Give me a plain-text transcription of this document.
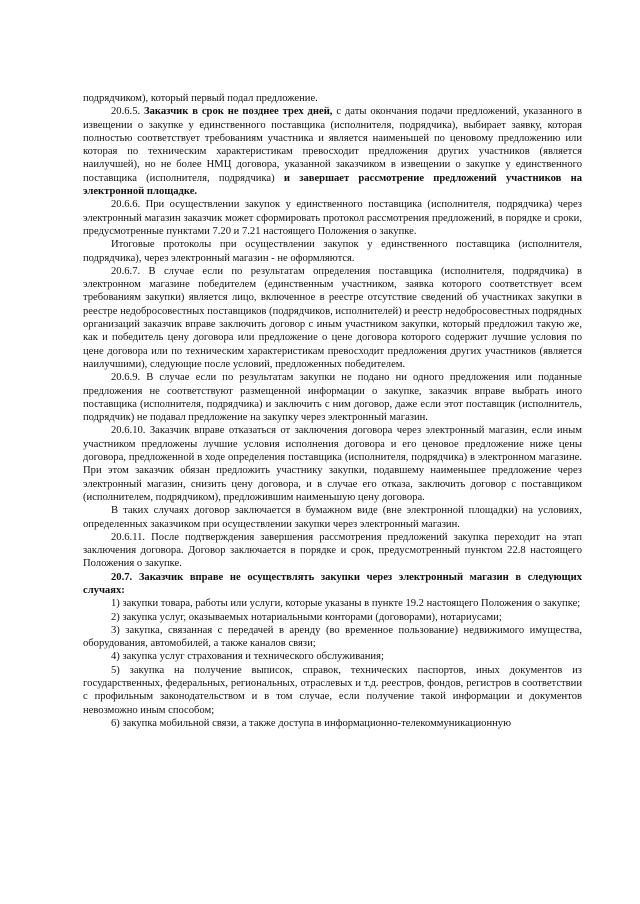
подрядчиком), который первый подал предложение.

20.6.5. Заказчик в срок не позднее трех дней, с даты окончания подачи предложений, указанного в извещении о закупке у единственного поставщика (исполнителя, подрядчика), выбирает заявку, которая полностью соответствует требованиям участника и является наименьшей по ценовому предложению или которая по техническим характеристикам превосходит предложения других участников (является наилучшей), но не более НМЦ договора, указанной заказчиком в извещении о закупке у единственного поставщика (исполнителя, подрядчика) и завершает рассмотрение предложений участников на электронной площадке.

20.6.6. При осуществлении закупок у единственного поставщика (исполнителя, подрядчика) через электронный магазин заказчик может сформировать протокол рассмотрения предложений, в порядке и сроки, предусмотренные пунктами 7.20 и 7.21 настоящего Положения о закупке.

Итоговые протоколы при осуществлении закупок у единственного поставщика (исполнителя, подрядчика), через электронный магазин - не оформляются.

20.6.7. В случае если по результатам определения поставщика (исполнителя, подрядчика) в электронном магазине победителем (единственным участником, заявка которого соответствует всем требованиям закупки) является лицо, включенное в реестре отсутствие сведений об участниках закупки в реестре недобросовестных поставщиков (подрядчиков, исполнителей) и реестр недобросовестных подрядных организаций заказчик вправе заключить договор с иным участником закупки, который предложил такую же, как и победитель цену договора или предложение о цене договора которого содержит лучшие условия по цене договора или по техническим характеристикам превосходит предложения других участников (является наилучшими), следующие после условий, предложенных победителем.

20.6.9. В случае если по результатам закупки не подано ни одного предложения или поданные предложения не соответствуют размещенной информации о закупке, заказчик вправе выбрать иного поставщика (исполнителя, подрядчика) и заключить с ним договор, даже если этот поставщик (исполнитель, подрядчик) не подавал предложение на закупку через электронный магазин.

20.6.10. Заказчик вправе отказаться от заключения договора через электронный магазин, если иным участником предложены лучшие условия исполнения договора и его ценовое предложение ниже цены договора, предложенной в ходе определения поставщика (исполнителя, подрядчика) в электронном магазине. При этом заказчик обязан предложить участнику закупки, подавшему наименьшее предложение через электронный магазин, снизить цену договора, и в случае его отказа, заключить договор с поставщиком (исполнителем, подрядчиком), предложившим наименьшую цену договора.

В таких случаях договор заключается в бумажном виде (вне электронной площадки) на условиях, определенных заказчиком при осуществлении закупки через электронный магазин.

20.6.11. После подтверждения завершения рассмотрения предложений закупка переходит на этап заключения договора. Договор заключается в порядке и срок, предусмотренный пунктом 22.8 настоящего Положения о закупке.

20.7. Заказчик вправе не осуществлять закупки через электронный магазин в следующих случаях:

1) закупки товара, работы или услуги, которые указаны в пункте 19.2 настоящего Положения о закупке;

2) закупка услуг, оказываемых нотариальными конторами (договорами), нотариусами;

3) закупка, связанная с передачей в аренду (во временное пользование) недвижимого имущества, оборудования, автомобилей, а также каналов связи;

4) закупка услуг страхования и технического обслуживания;

5) закупка на получение выписок, справок, технических паспортов, иных документов из государственных, федеральных, региональных, отраслевых и т.д. реестров, фондов, регистров в соответствии с профильным законодательством и в том случае, если получение такой информации и документов невозможно иным способом;

6) закупка мобильной связи, а также доступа в информационно-телекоммуникационную
